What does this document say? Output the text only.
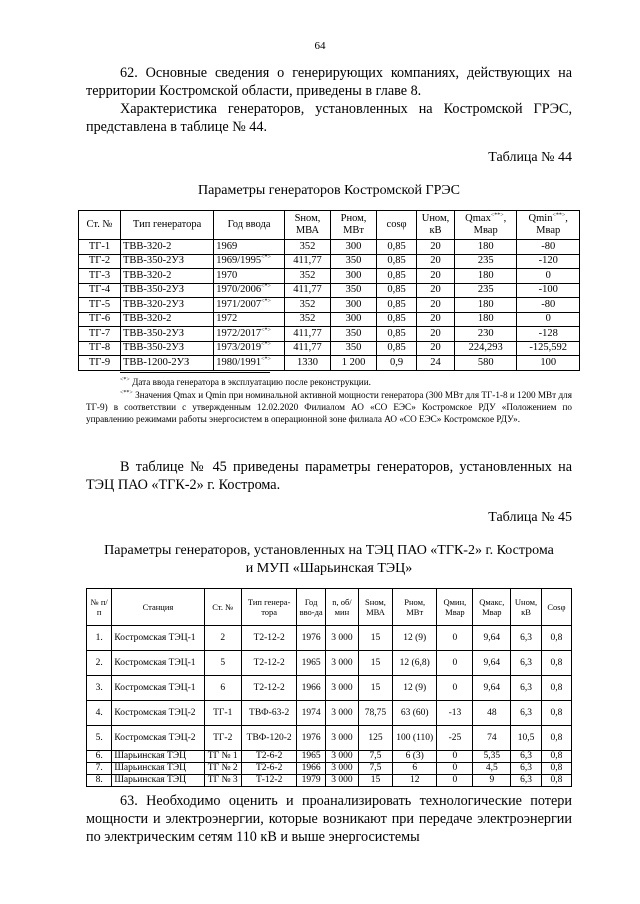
64
62. Основные сведения о генерирующих компаниях, действующих на территории Костромской области, приведены в главе 8.
Характеристика генераторов, установленных на Костромской ГРЭС, представлена в таблице № 44.
Таблица № 44
Параметры генераторов Костромской ГРЭС
Ст. №	Тип генератора	Год ввода	Sном, МВА	Рном, МВт	cosφ	Uном, кВ	Qmax<**>, Мвар	Qmin<**>, Мвар
ТГ-1	ТВВ-320-2	1969	352	300	0,85	20	180	-80
ТГ-2	ТВВ-350-2УЗ	1969/1995<*>	411,77	350	0,85	20	235	-120
ТГ-3	ТВВ-320-2	1970	352	300	0,85	20	180	0
ТГ-4	ТВВ-350-2УЗ	1970/2006<*>	411,77	350	0,85	20	235	-100
ТГ-5	ТВВ-320-2УЗ	1971/2007<*>	352	300	0,85	20	180	-80
ТГ-6	ТВВ-320-2	1972	352	300	0,85	20	180	0
ТГ-7	ТВВ-350-2УЗ	1972/2017<*>	411,77	350	0,85	20	230	-128
ТГ-8	ТВВ-350-2УЗ	1973/2019<*>	411,77	350	0,85	20	224,293	-125,592
ТГ-9	ТВВ-1200-2УЗ	1980/1991<*>	1330	1 200	0,9	24	580	100
<*> Дата ввода генератора в эксплуатацию после реконструкции.
<**> Значения Qmax и Qmin при номинальной активной мощности генератора (300 МВт для ТГ-1-8 и 1200 МВт для ТГ-9) в соответствии с утвержденным 12.02.2020 Филиалом АО «СО ЕЭС» Костромское РДУ «Положением по управлению режимами работы энергосистем в операционной зоне филиала АО «СО ЕЭС» Костромское РДУ».
В таблице № 45 приведены параметры генераторов, установленных на ТЭЦ ПАО «ТГК-2» г. Кострома.
Таблица № 45
Параметры генераторов, установленных на ТЭЦ ПАО «ТГК-2» г. Кострома
и МУП «Шарьинская ТЭЦ»
№ п/п	Станция	Ст. №	Тип генера-тора	Год вво-да	n, об/мин	Sном, МВА	Рном, МВт	Qмин, Мвар	Qмакс, Мвар	Uном, кВ	Cosφ
1.	Костромская ТЭЦ-1	2	Т2-12-2	1976	3 000	15	12 (9)	0	9,64	6,3	0,8
2.	Костромская ТЭЦ-1	5	Т2-12-2	1965	3 000	15	12 (6,8)	0	9,64	6,3	0,8
3.	Костромская ТЭЦ-1	6	Т2-12-2	1966	3 000	15	12 (9)	0	9,64	6,3	0,8
4.	Костромская ТЭЦ-2	ТГ-1	ТВФ-63-2	1974	3 000	78,75	63 (60)	-13	48	6,3	0,8
5.	Костромская ТЭЦ-2	ТГ-2	ТВФ-120-2	1976	3 000	125	100 (110)	-25	74	10,5	0,8
6.	Шарьинская ТЭЦ	ТГ № 1	Т2-6-2	1965	3 000	7,5	6 (3)	0	5,35	6,3	0,8
7.	Шарьинская ТЭЦ	ТГ № 2	Т2-6-2	1966	3 000	7,5	6	0	4,5	6,3	0,8
8.	Шарьинская ТЭЦ	ТГ № 3	Т-12-2	1979	3 000	15	12	0	9	6,3	0,8
63. Необходимо оценить и проанализировать технологические потери мощности и электроэнергии, которые возникают при передаче электроэнергии по электрическим сетям 110 кВ и выше энергосистемы
